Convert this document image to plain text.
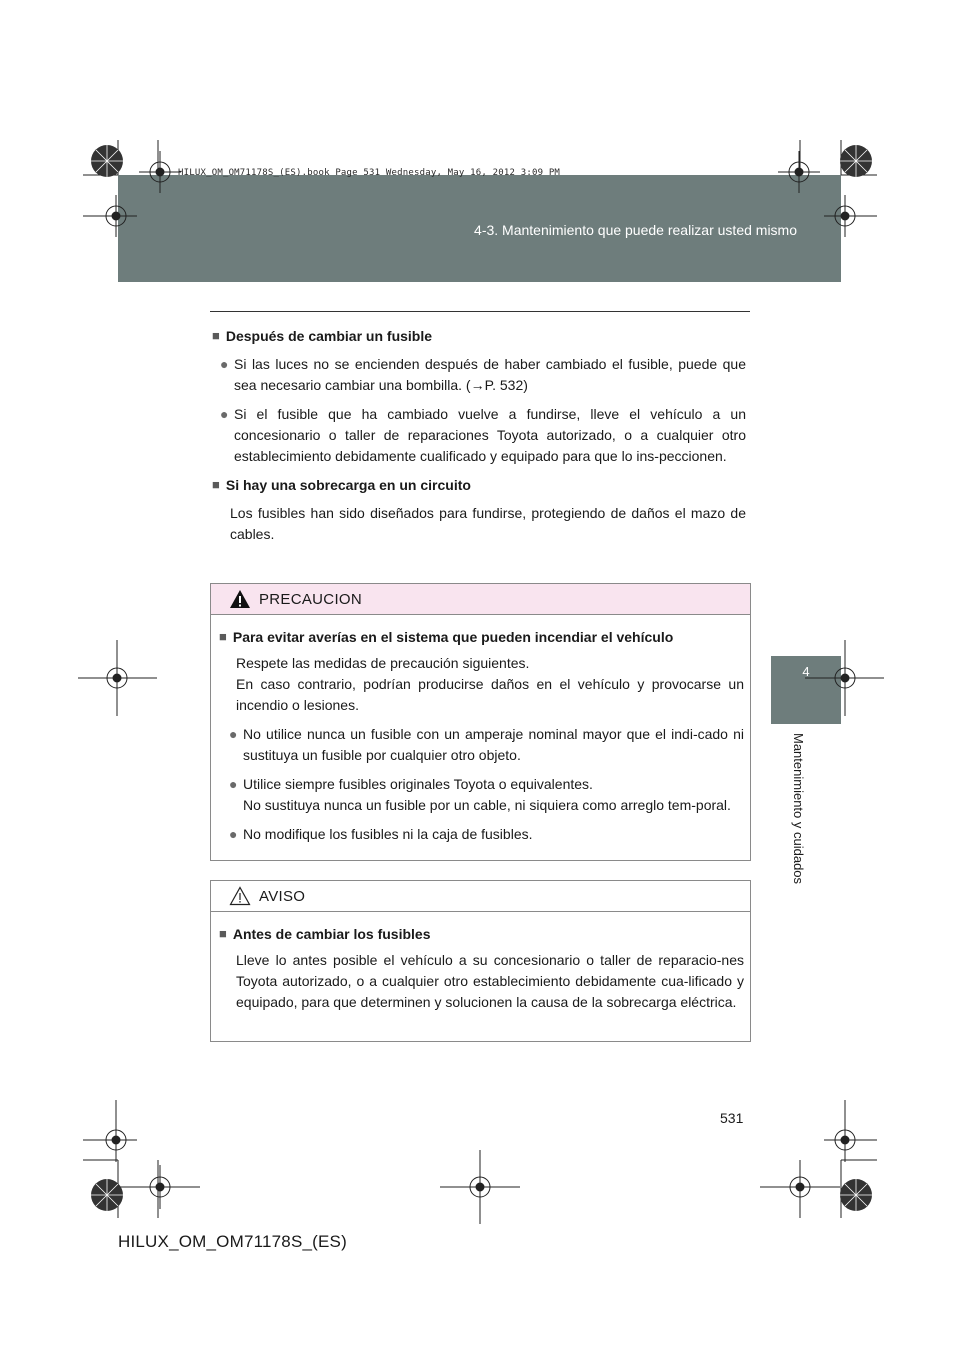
HILUX_OM_OM71178S_(ES).book Page 531 Wednesday, May 16, 2012 3:09 PM
4-3. Mantenimiento que puede realizar usted mismo
4
Mantenimiento y cuidados
■ Después de cambiar un fusible
● Si las luces no se encienden después de haber cambiado el fusible, puede que sea necesario cambiar una bombilla. (→P. 532)
● Si el fusible que ha cambiado vuelve a fundirse, lleve el vehículo a un concesionario o taller de reparaciones Toyota autorizado, o a cualquier otro establecimiento debidamente cualificado y equipado para que lo ins-peccionen.
■ Si hay una sobrecarga en un circuito
Los fusibles han sido diseñados para fundirse, protegiendo de daños el mazo de cables.
PRECAUCION
■ Para evitar averías en el sistema que pueden incendiar el vehículo
Respete las medidas de precaución siguientes.
En caso contrario, podrían producirse daños en el vehículo y provocarse un incendio o lesiones.
● No utilice nunca un fusible con un amperaje nominal mayor que el indi-cado ni sustituya un fusible por cualquier otro objeto.
● Utilice siempre fusibles originales Toyota o equivalentes.
No sustituya nunca un fusible por un cable, ni siquiera como arreglo tem-poral.
● No modifique los fusibles ni la caja de fusibles.
AVISO
■ Antes de cambiar los fusibles
Lleve lo antes posible el vehículo a su concesionario o taller de reparacio-nes Toyota autorizado, o a cualquier otro establecimiento debidamente cua-lificado y equipado, para que determinen y solucionen la causa de la sobrecarga eléctrica.
531
HILUX_OM_OM71178S_(ES)
